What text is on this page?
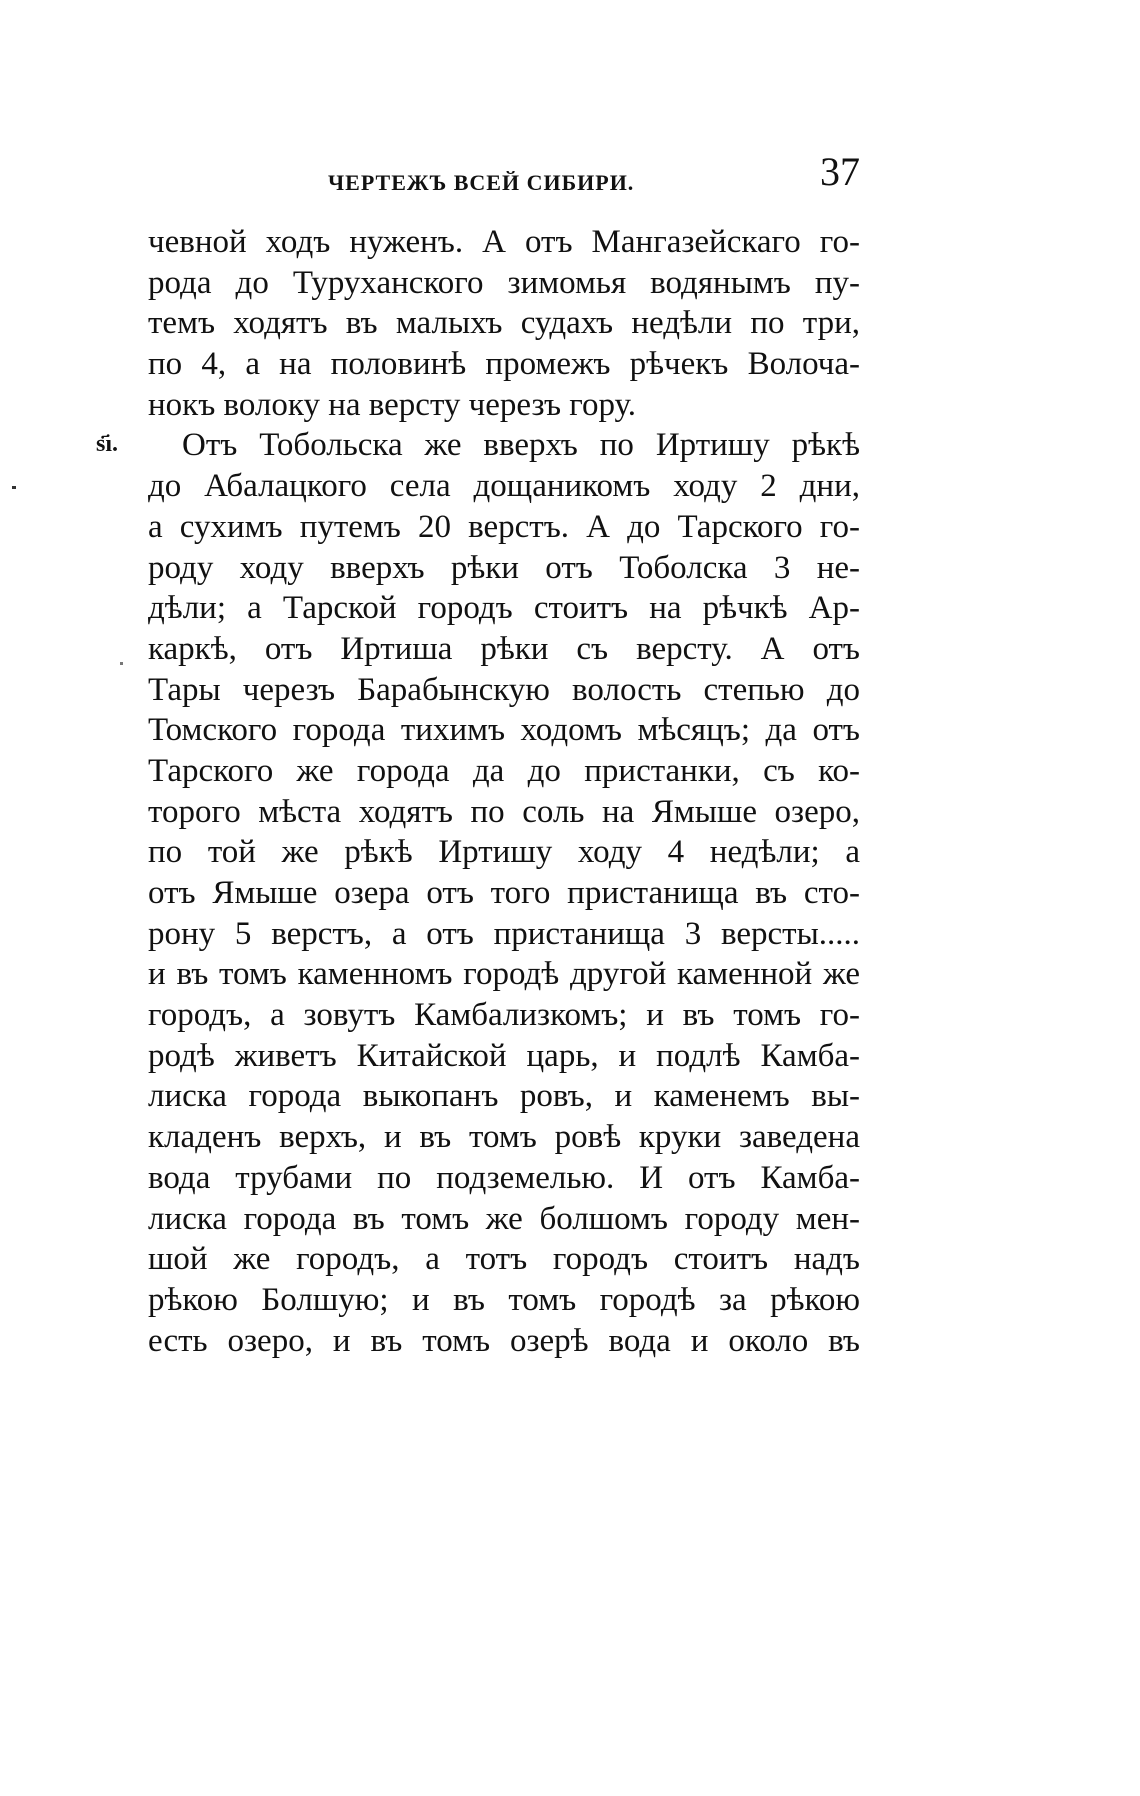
ЧЕРТЕЖЪ ВСЕЙ СИБИРИ.	37
ѕ҃ı.
чевной ходъ нуженъ. А отъ Мангазейскаго го-
рода до Туруханского зимомья водянымъ пу-
темъ ходятъ въ малыхъ судахъ недѣли по три,
по 4, а на половинѣ промежъ рѣчекъ Волоча-
нокъ волоку на версту черезъ гору.
Отъ Тобольска же вверхъ по Иртишу рѣкѣ
до Абалацкого села дощаникомъ ходу 2 дни,
а сухимъ путемъ 20 верстъ. А до Тарского го-
роду ходу вверхъ рѣки отъ Тоболска 3 не-
дѣли; а Тарской городъ стоитъ на рѣчкѣ Ар-
каркѣ, отъ Иртиша рѣки съ версту. А отъ
Тары черезъ Барабынскую волость степью до
Томского города тихимъ ходомъ мѣсяцъ; да отъ
Тарского же города да до пристанки, съ ко-
торого мѣста ходятъ по соль на Ямыше озеро,
по той же рѣкѣ Иртишу ходу 4 недѣли; а
отъ Ямыше озера отъ того пристанища въ сто-
рону 5 верстъ, а отъ пристанища 3 версты.....
и въ томъ каменномъ городѣ другой каменной же
городъ, а зовутъ Камбализкомъ; и въ томъ го-
родѣ живетъ Китайской царь, и подлѣ Камба-
лиска города выкопанъ ровъ, и каменемъ вы-
кладенъ верхъ, и въ томъ ровѣ круки заведена
вода трубами по подземелью. И отъ Камба-
лиска города въ томъ же болшомъ городу мен-
шой же городъ, а тотъ городъ стоитъ надъ
рѣкою Болшую; и въ томъ городѣ за рѣкою
есть озеро, и въ томъ озерѣ вода и около въ
